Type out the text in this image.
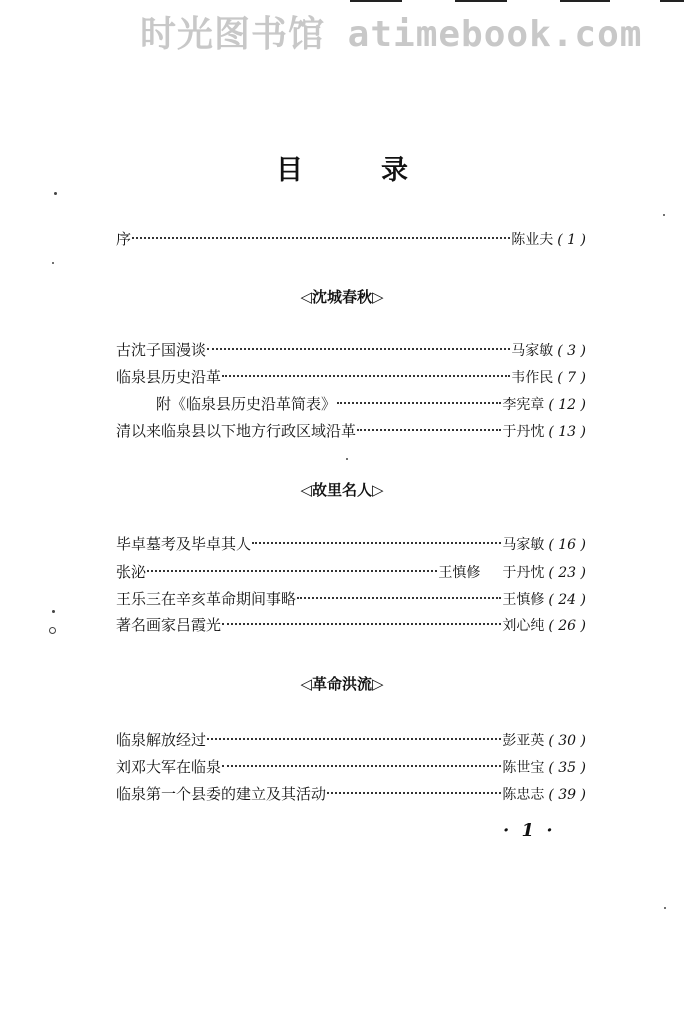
时光图书馆 atimebook.com
目录
序	陈业夫 ( 1 )
◁沈城春秋▷
古沈子国漫谈	马家敏 ( 3 )
临泉县历史沿革	韦作民 ( 7 )
附《临泉县历史沿革简表》	李宪章 ( 12 )
清以来临泉县以下地方行政区域沿革	于丹忱 ( 13 )
◁故里名人▷
毕卓墓考及毕卓其人	马家敏 ( 16 )
张泌	王慎修 于丹忱 ( 23 )
王乐三在辛亥革命期间事略	王慎修 ( 24 )
著名画家吕霞光	刘心纯 ( 26 )
◁革命洪流▷
临泉解放经过	彭亚英 ( 30 )
刘邓大军在临泉	陈世宝 ( 35 )
临泉第一个县委的建立及其活动	陈忠志 ( 39 )
· 1 ·
